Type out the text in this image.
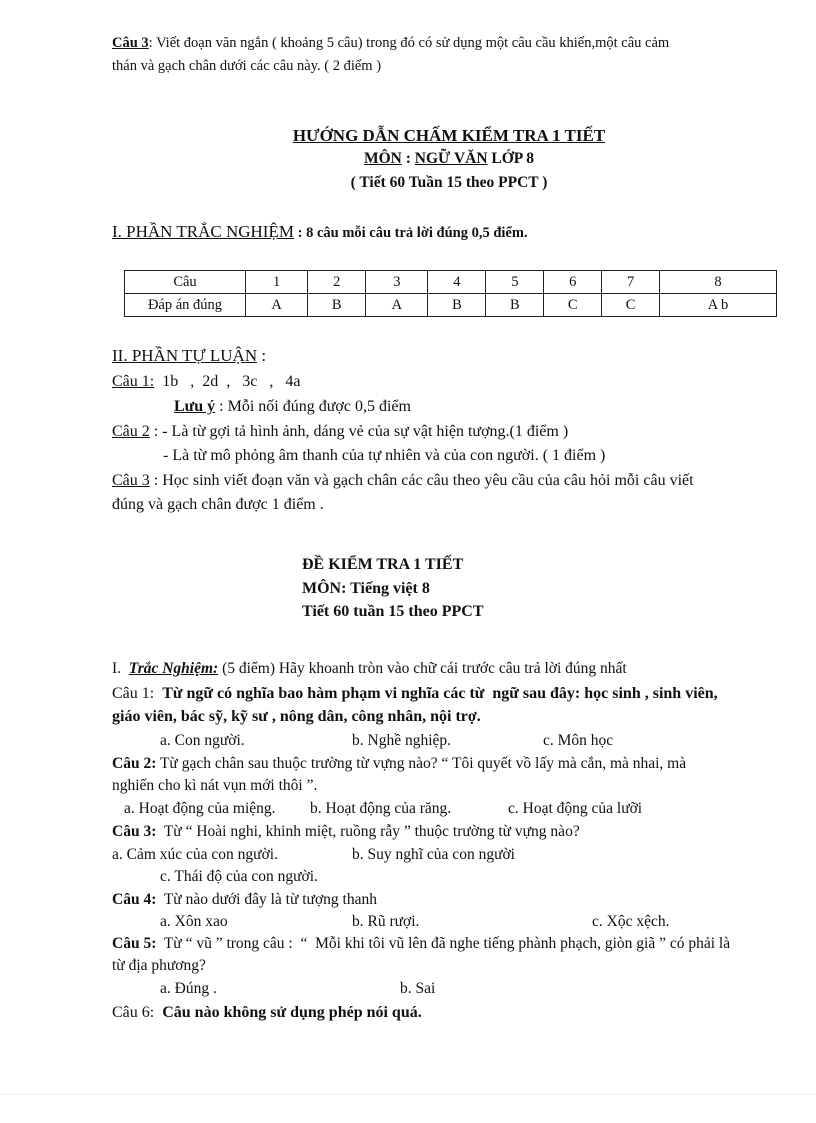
Câu 3: Viết đoạn văn ngắn ( khoảng 5 câu) trong đó có sử dụng một câu cầu khiến,một câu cảm
thán và gạch chân dưới các câu này. ( 2 điểm )
HƯỚNG DẪN CHẤM KIỂM TRA 1 TIẾT
MÔN : NGỮ VĂN LỚP 8
( Tiết 60 Tuần 15 theo PPCT )
I. PHẦN TRẮC NGHIỆM : 8 câu mỗi câu trả lời đúng 0,5 điểm.
Câu	1	2	3	4	5	6	7	8
Đáp án đúng	A	B	A	B	B	C	C	A b
II. PHẦN TỰ LUẬN :
Câu 1:  1b   ,  2d  ,   3c   ,   4a
Lưu ý : Mỗi nối đúng được 0,5 điểm
Câu 2 : - Là từ gợi tả hình ảnh, dáng vẻ của sự vật hiện tượng.(1 điểm )
- Là từ mô phỏng âm thanh của tự nhiên và của con người. ( 1 điểm )
Câu 3 : Học sinh viết đoạn văn và gạch chân các câu theo yêu cầu của câu hỏi mỗi câu viết
đúng và gạch chân được 1 điểm .
ĐỀ KIỂM TRA 1 TIẾT
MÔN: Tiếng việt 8
Tiết 60 tuần 15 theo PPCT
I.  Trắc Nghiệm: (5 điểm) Hãy khoanh tròn vào chữ cái trước câu trả lời đúng nhất
Câu 1:  Từ ngữ có nghĩa bao hàm phạm vi nghĩa các từ  ngữ sau đây: học sinh , sinh viên,
giáo viên, bác sỹ, kỹ sư , nông dân, công nhân, nội trợ.
a. Con người.	b. Nghề nghiệp.	c. Môn học
Câu 2: Từ gạch chân sau thuộc trường từ vựng nào? “ Tôi quyết vồ lấy mà cắn, mà nhai, mà
nghiến cho kì nát vụn mới thôi ”.
a. Hoạt động của miệng. b. Hoạt động của răng.	c. Hoạt động của lưỡi
Câu 3:  Từ “ Hoài nghi, khinh miệt, ruồng rẫy ” thuộc trường từ vựng nào?
a. Cảm xúc của con người.	b. Suy nghĩ của con người
c. Thái độ của con người.
Câu 4:  Từ nào dưới đây là từ tượng thanh
a. Xôn xao	b. Rũ rượi.	c. Xộc xệch.
Câu 5:  Từ “ vũ ” trong câu :  “  Mỗi khi tôi vũ lên đã nghe tiếng phành phạch, giòn giã ” có phải là
từ địa phương?
a. Đúng .	b. Sai
Câu 6:  Câu nào không sử dụng phép nói quá.
